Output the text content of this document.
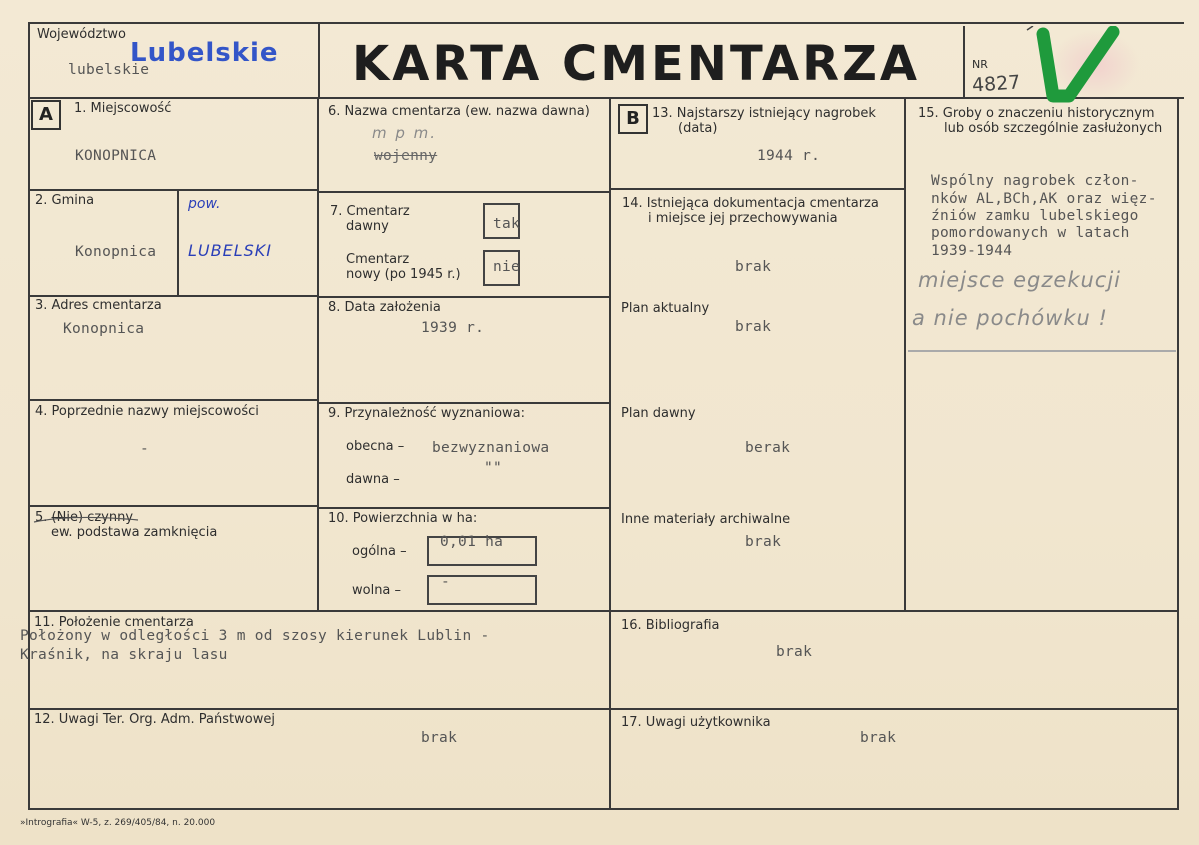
Województwo
Lubelskie
lubelskie	KARTA CMENTARZA	NR
4827
A	1. Miejscowość
KONOPNICA
2. Gmina
Konopnica
pow.
LUBELSKI
3. Adres cmentarza
Konopnica
4. Poprzednie nazwy miejscowości
-
5. (Nie) czynny
ew. podstawa zamknięcia
6. Nazwa cmentarza (ew. nazwa dawna)
m p m.
wojenny
7. Cmentarz
dawny	tak
Cmentarz
nowy (po 1945 r.) nie
8. Data założenia
1939 r.
9. Przynależność wyznaniowa:
obecna – bezwyznaniowa
dawna –
""
10. Powierzchnia w ha:
ogólna –
0,01 ha
wolna –
-
B 13. Najstarszy istniejący nagrobek
(data)
1944 r.
14. Istniejąca dokumentacja cmentarza
i miejsce jej przechowywania
brak
Plan aktualny
brak
Plan dawny
berak
Inne materiały archiwalne
brak
15. Groby o znaczeniu historycznym
lub osób szczególnie zasłużonych
Wspólny nagrobek człon-
nków AL,BCh,AK oraz więz-
źniów zamku lubelskiego
pomordowanych w latach
1939-1944
miejsce egzekucji
a nie pochówku !
11. Położenie cmentarza
Położony w odległości 3 m od szosy kierunek Lublin -
Kraśnik, na skraju lasu
16. Bibliografia
brak
12. Uwagi Ter. Org. Adm. Państwowej
brak
17. Uwagi użytkownika
brak
»Intrografia« W-5, z. 269/405/84, n. 20.000
